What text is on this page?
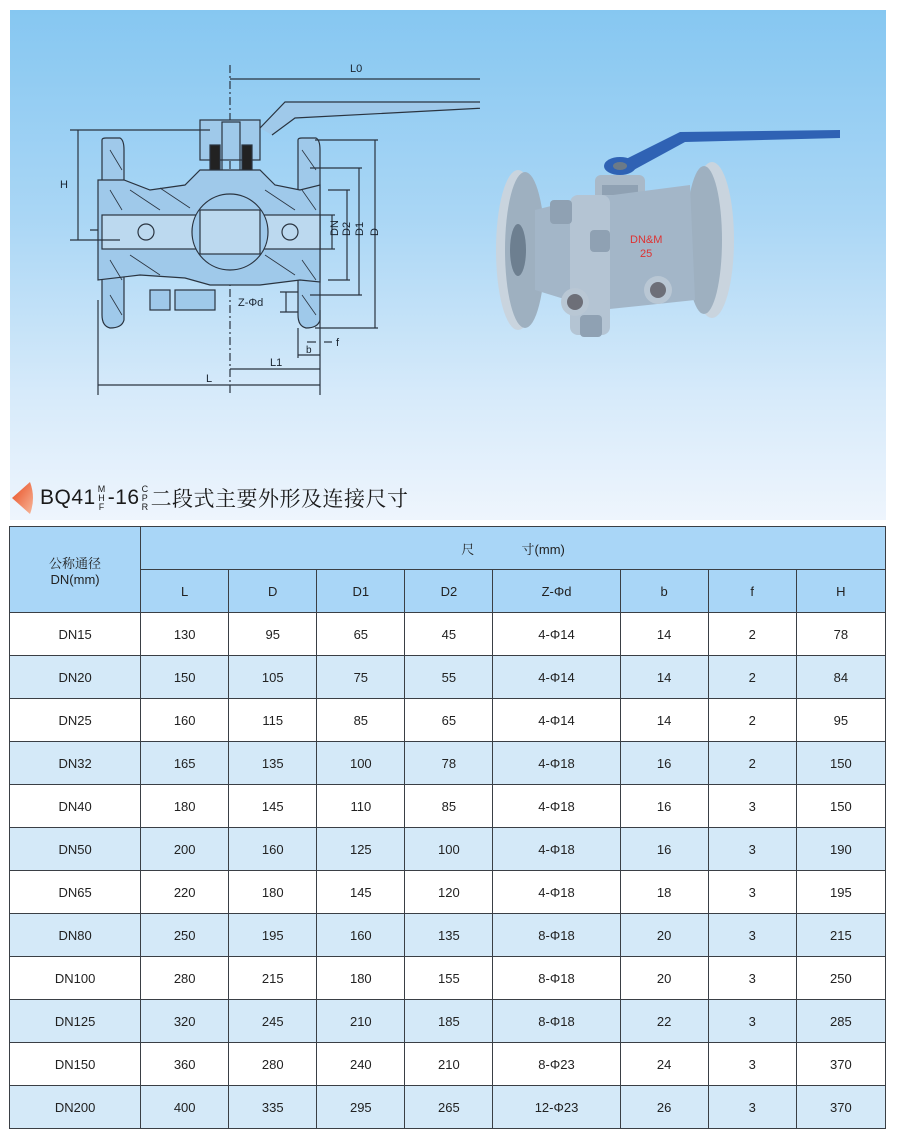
L0
H
DN D2 D1 D
Z-Φd
b
f
L1
L
DN&M
25
BQ41 M
H
F -16 C
P
R 二段式主要外形及连接尺寸
公称通径
DN(mm)	尺 寸(mm)							
	L	D	D1	D2	Z-Φd	b	f	H
DN15	130	95	65	45	4-Φ14	14	2	78
DN20	150	105	75	55	4-Φ14	14	2	84
DN25	160	115	85	65	4-Φ14	14	2	95
DN32	165	135	100	78	4-Φ18	16	2	150
DN40	180	145	110	85	4-Φ18	16	3	150
DN50	200	160	125	100	4-Φ18	16	3	190
DN65	220	180	145	120	4-Φ18	18	3	195
DN80	250	195	160	135	8-Φ18	20	3	215
DN100	280	215	180	155	8-Φ18	20	3	250
DN125	320	245	210	185	8-Φ18	22	3	285
DN150	360	280	240	210	8-Φ23	24	3	370
DN200	400	335	295	265	12-Φ23	26	3	370
